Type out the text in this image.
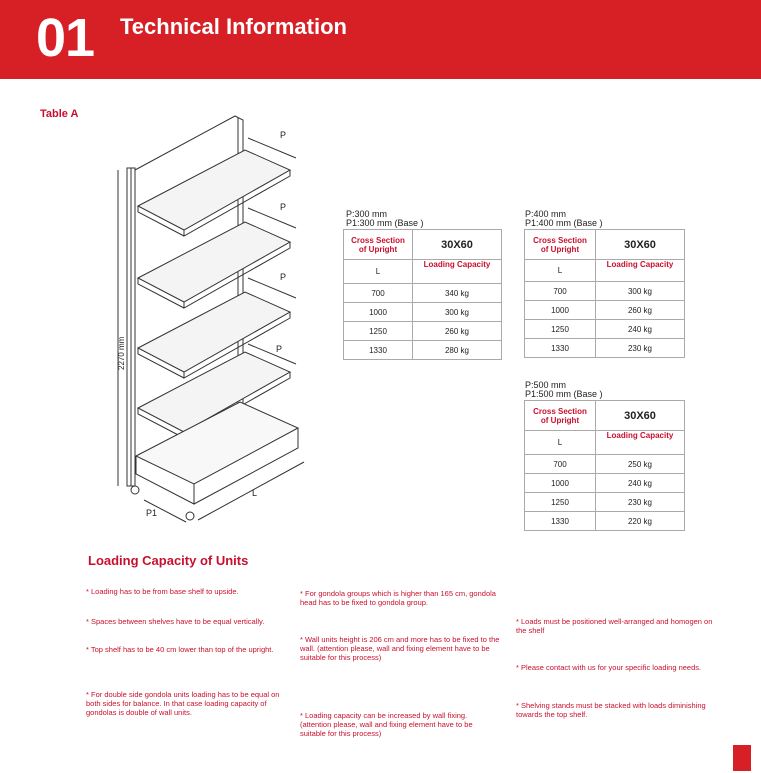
01 Technical Information
Table A
P
P
P
P
L
P1
2270 mm
P:300 mm
P1:300 mm (Base )
Cross Section
of Upright	30X60
L	Loading Capacity
700	340 kg
1000	300 kg
1250	260 kg
1330	280 kg
P:400 mm
P1:400 mm (Base )
Cross Section
of Upright	30X60
L	Loading Capacity
700	300 kg
1000	260 kg
1250	240 kg
1330	230 kg
P:500 mm
P1:500 mm (Base )
Cross Section
of Upright	30X60
L	Loading Capacity
700	250 kg
1000	240 kg
1250	230 kg
1330	220 kg
Loading Capacity of Units
* Loading has to be from base shelf to upside.
* Spaces between shelves have to be equal vertically.
* Top shelf has to be 40 cm lower than top of the upright.
* For double side gondola units loading has to be equal on both sides for balance. In that case loading capacity of gondolas is double of wall units.
* For gondola groups which is higher than 165 cm, gondola head has to be fixed to gondola group.
* Wall units height is 206 cm and more has to be fixed to the wall. (attention please, wall and fixing element have to be suitable for this process)
* Loading capacity can be increased by wall fixing. (attention please, wall and fixing element have to be suitable for this process)
* Loads must be positioned well-arranged and homogen on the shelf
* Please contact with us for your specific loading needs.
* Shelving stands must be stacked with loads diminishing towards the top shelf.
